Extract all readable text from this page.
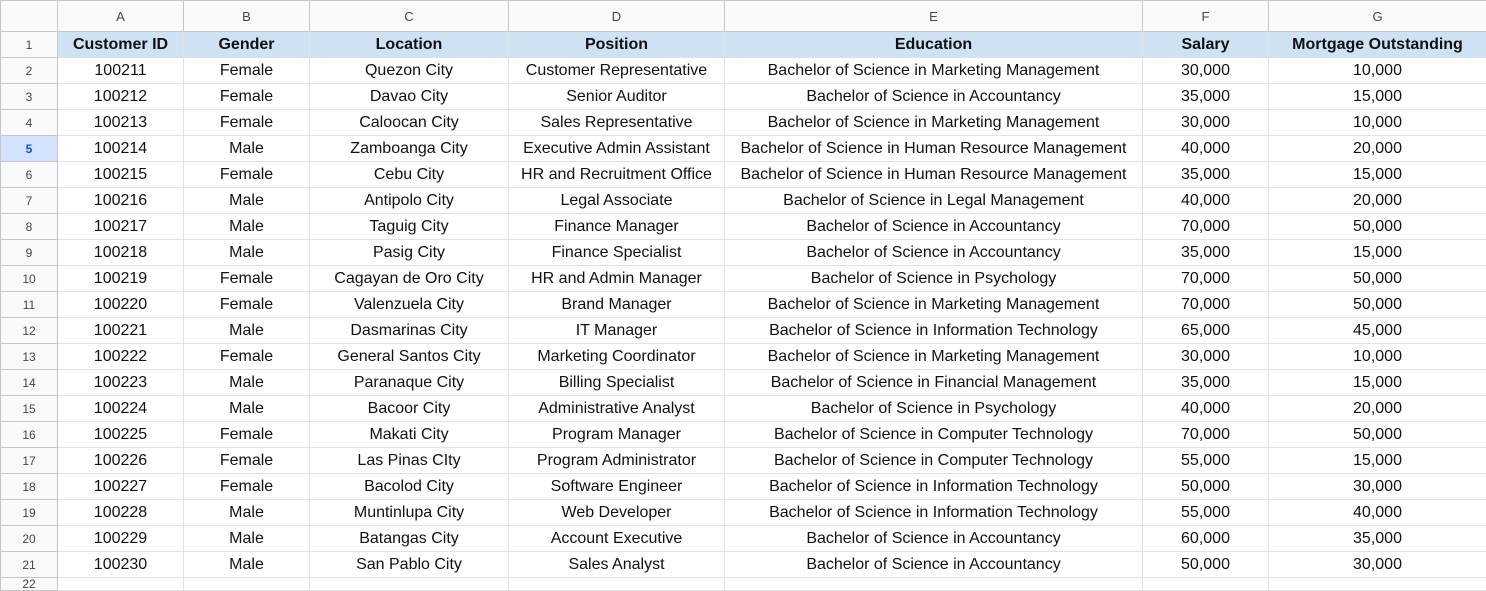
	A	B	C	D	E	F	G
1	Customer ID	Gender	Location	Position	Education	Salary	Mortgage Outstanding
2	100211	Female	Quezon City	Customer Representative	Bachelor of Science in Marketing Management	30,000	10,000
3	100212	Female	Davao City	Senior Auditor	Bachelor of Science in Accountancy	35,000	15,000
4	100213	Female	Caloocan City	Sales Representative	Bachelor of Science in Marketing Management	30,000	10,000
5	100214	Male	Zamboanga City	Executive Admin Assistant	Bachelor of Science in Human Resource Management	40,000	20,000
6	100215	Female	Cebu City	HR and Recruitment Office	Bachelor of Science in Human Resource Management	35,000	15,000
7	100216	Male	Antipolo City	Legal Associate	Bachelor of Science in Legal Management	40,000	20,000
8	100217	Male	Taguig City	Finance Manager	Bachelor of Science in Accountancy	70,000	50,000
9	100218	Male	Pasig City	Finance Specialist	Bachelor of Science in Accountancy	35,000	15,000
10	100219	Female	Cagayan de Oro City	HR and Admin Manager	Bachelor of Science in Psychology	70,000	50,000
11	100220	Female	Valenzuela City	Brand Manager	Bachelor of Science in Marketing Management	70,000	50,000
12	100221	Male	Dasmarinas City	IT Manager	Bachelor of Science in Information Technology	65,000	45,000
13	100222	Female	General Santos City	Marketing Coordinator	Bachelor of Science in Marketing Management	30,000	10,000
14	100223	Male	Paranaque City	Billing Specialist	Bachelor of Science in Financial Management	35,000	15,000
15	100224	Male	Bacoor City	Administrative Analyst	Bachelor of Science in Psychology	40,000	20,000
16	100225	Female	Makati City	Program Manager	Bachelor of Science in Computer Technology	70,000	50,000
17	100226	Female	Las Pinas CIty	Program Administrator	Bachelor of Science in Computer Technology	55,000	15,000
18	100227	Female	Bacolod City	Software Engineer	Bachelor of Science in Information Technology	50,000	30,000
19	100228	Male	Muntinlupa City	Web Developer	Bachelor of Science in Information Technology	55,000	40,000
20	100229	Male	Batangas City	Account Executive	Bachelor of Science in Accountancy	60,000	35,000
21	100230	Male	San Pablo City	Sales Analyst	Bachelor of Science in Accountancy	50,000	30,000
22							
